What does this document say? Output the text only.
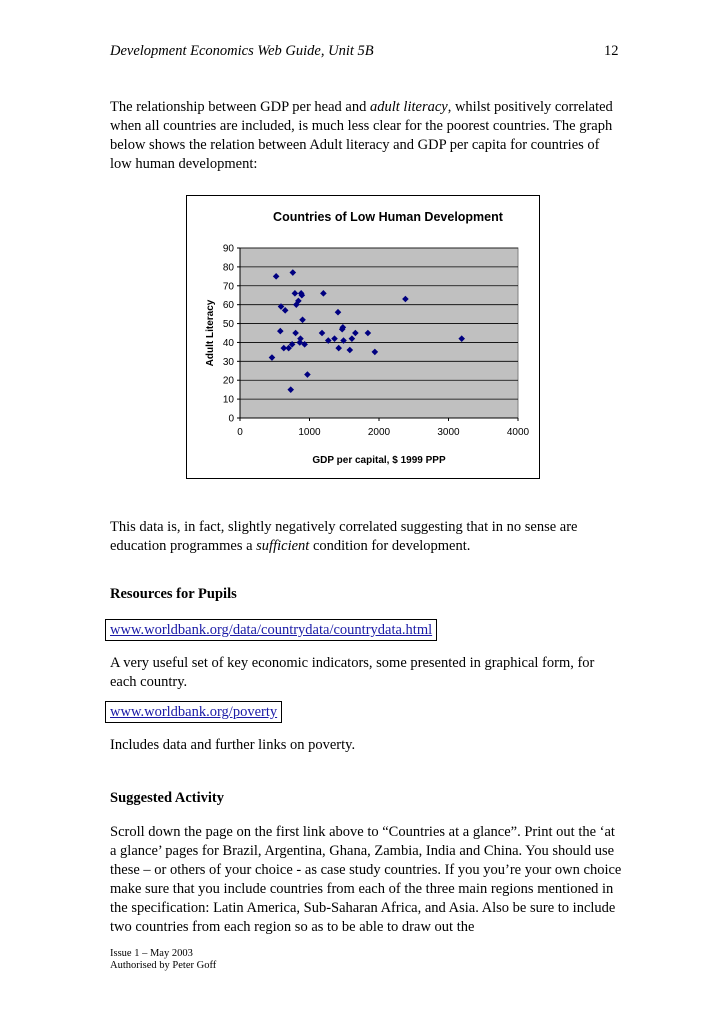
Development Economics Web Guide, Unit 5B	12
The relationship between GDP per head and adult literacy, whilst positively correlated when all countries are included, is much less clear for the poorest countries. The graph below shows the relation between Adult literacy and GDP per capita for countries of low human development:
Countries of Low Human Development
0
10
20
30
40
50
60
70
80
90
0	1000	2000	3000	4000
Adult Literacy
GDP per capital, $ 1999 PPP
This data is, in fact, slightly negatively correlated suggesting that in no sense are education programmes a sufficient condition for development.
Resources for Pupils
www.worldbank.org/data/countrydata/countrydata.html
A very useful set of key economic indicators, some presented in graphical form, for each country.
www.worldbank.org/poverty
Includes data and further links on poverty.
Suggested Activity
Scroll down the page on the first link above to “Countries at a glance”. Print out the ‘at a glance’ pages for Brazil, Argentina, Ghana, Zambia, India and China. You should use these – or others of your choice - as case study countries. If you you’re your own choice make sure that you include countries from each of the three main regions mentioned in the specification: Latin America, Sub-Saharan Africa, and Asia. Also be sure to include two countries from each region so as to be able to draw out the
Issue 1 – May 2003
Authorised by Peter Goff
